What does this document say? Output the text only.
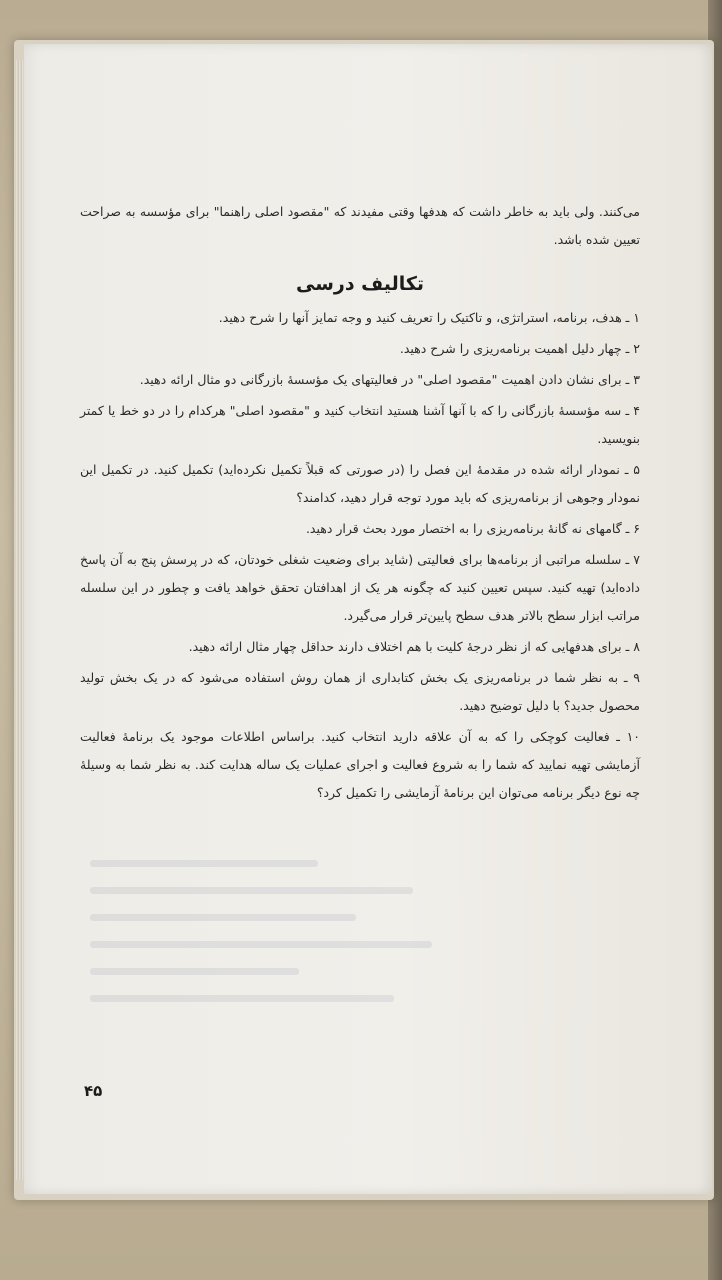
می‌کنند. ولی باید به خاطر داشت که هدفها وقتی مفیدند که "مقصود اصلی راهنما" برای مؤسسه به صراحت تعیین شده باشد.

تکالیف درسی

۱ ـ هدف، برنامه، استراتژی، و تاکتیک را تعریف کنید و وجه تمایز آنها را شرح دهید.

۲ ـ چهار دلیل اهمیت برنامه‌ریزی را شرح دهید.

۳ ـ برای نشان دادن اهمیت "مقصود اصلی" در فعالیتهای یک مؤسسه‌ٔ بازرگانی دو مثال ارائه دهید.

۴ ـ سه مؤسسه‌ٔ بازرگانی را که با آنها آشنا هستید انتخاب کنید و "مقصود اصلی" هرکدام را در دو خط یا کمتر بنویسید.

۵ ـ نمودار ارائه شده در مقدمه‌ٔ این فصل را (در صورتی که قبلاً تکمیل نکرده‌اید) تکمیل کنید. در تکمیل این نمودار وجوهی از برنامه‌ریزی که باید مورد توجه قرار دهید، کدامند؟

۶ ـ گامهای نه گانه‌ٔ برنامه‌ریزی را به اختصار مورد بحث قرار دهید.

۷ ـ سلسله مراتبی از برنامه‌ها برای فعالیتی (شاید برای وضعیت شغلی خودتان، که در پرسش پنج به آن پاسخ داده‌اید) تهیه کنید. سپس تعیین کنید که چگونه هر یک از اهدافتان تحقق خواهد یافت و چطور در این سلسله مراتب ابزار سطح بالاتر هدف سطح پایین‌تر قرار می‌گیرد.

۸ ـ برای هدفهایی که از نظر درجه‌ٔ کلیت با هم اختلاف دارند حداقل چهار مثال ارائه دهید.

۹ ـ به نظر شما در برنامه‌ریزی یک بخش کتابداری از همان روش استفاده می‌شود که در یک بخش تولید محصول جدید؟ با دلیل توضیح دهید.

۱۰ ـ فعالیت کوچکی را که به آن علاقه دارید انتخاب کنید. براساس اطلاعات موجود یک برنامه‌ٔ فعالیت آزمایشی تهیه نمایید که شما را به شروع فعالیت و اجرای عملیات یک ساله هدایت کند. به نظر شما به وسیله‌ٔ چه نوع دیگر برنامه می‌توان این برنامه‌ٔ آزمایشی را تکمیل کرد؟

۴۵
